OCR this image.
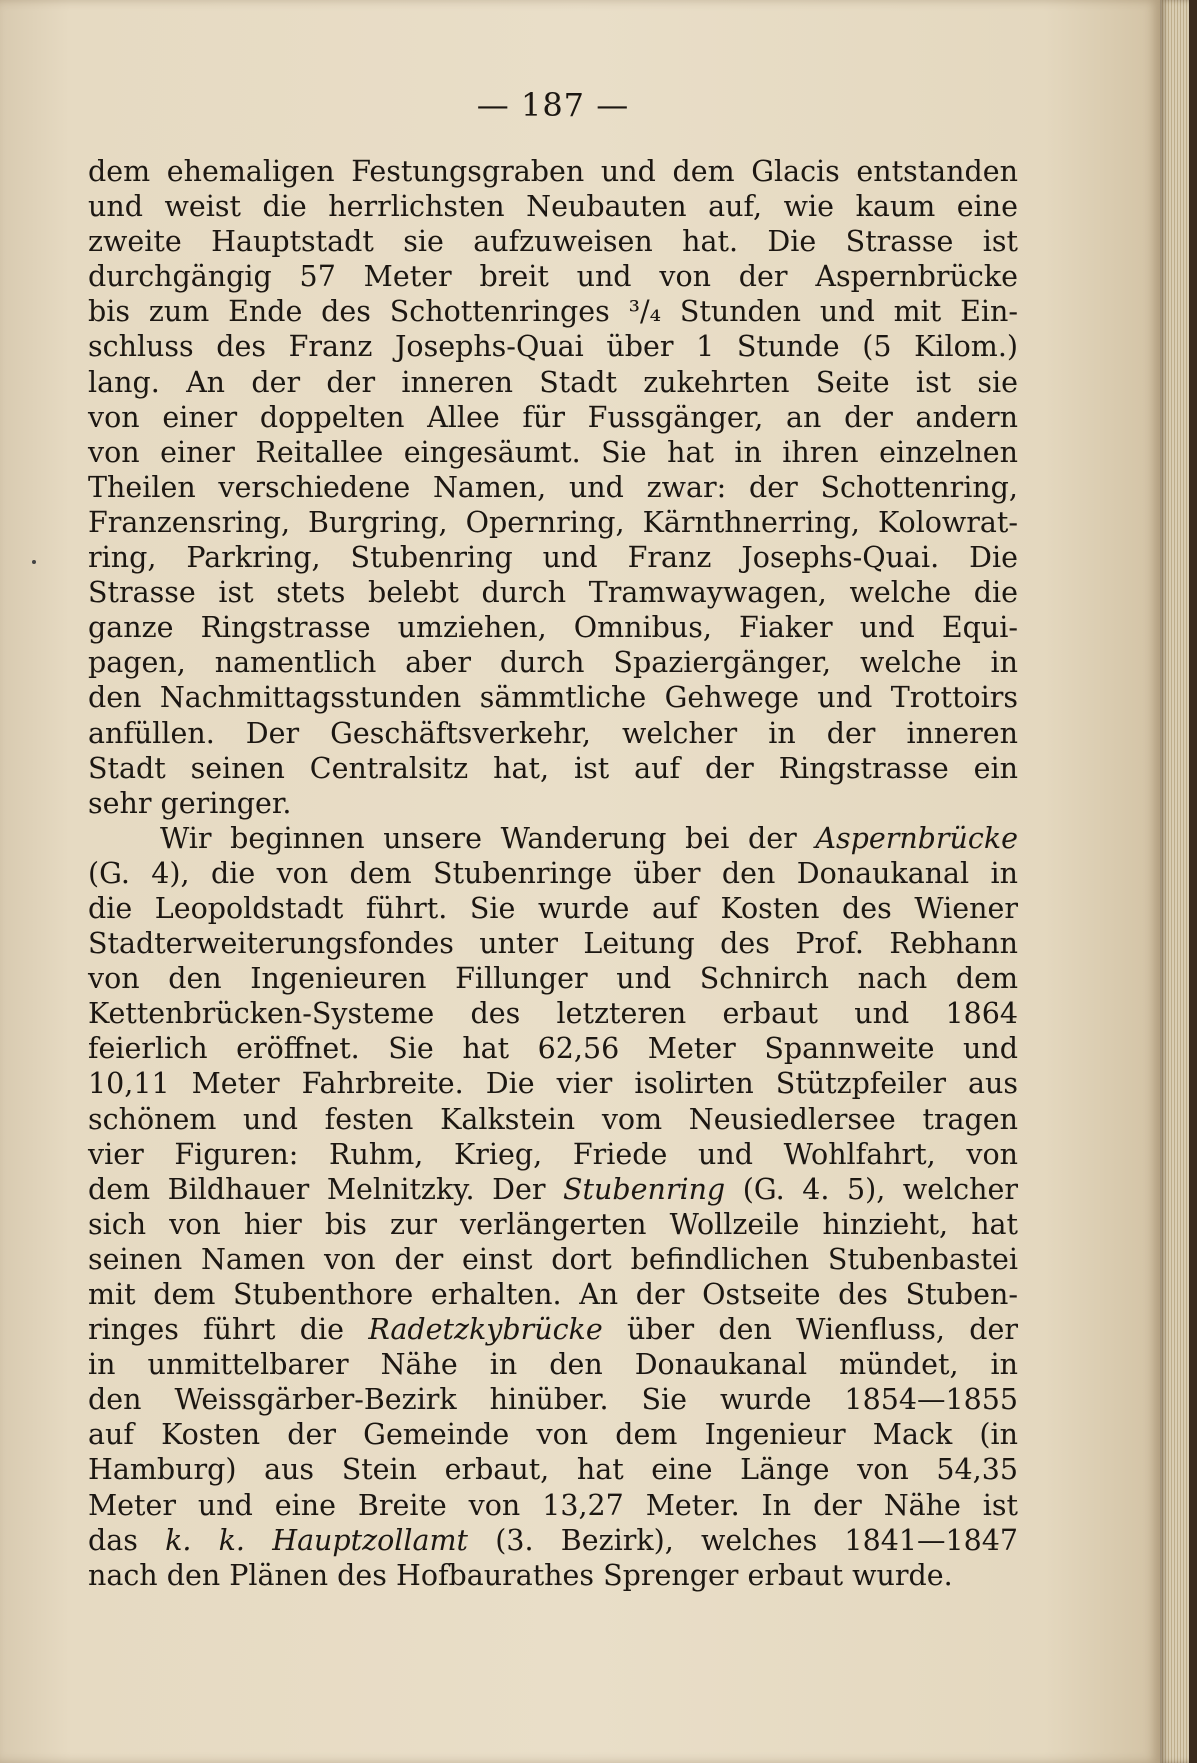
— 187 —
dem ehemaligen Festungsgraben und dem Glacis entstanden
und weist die herrlichsten Neubauten auf, wie kaum eine
zweite Hauptstadt sie aufzuweisen hat. Die Strasse ist
durchgängig 57 Meter breit und von der Aspernbrücke
bis zum Ende des Schottenringes ³/₄ Stunden und mit Ein-
schluss des Franz Josephs-Quai über 1 Stunde (5 Kilom.)
lang. An der der inneren Stadt zukehrten Seite ist sie
von einer doppelten Allee für Fussgänger, an der andern
von einer Reitallee eingesäumt. Sie hat in ihren einzelnen
Theilen verschiedene Namen, und zwar: der Schottenring,
Franzensring, Burgring, Opernring, Kärnthnerring, Kolowrat-
ring, Parkring, Stubenring und Franz Josephs-Quai. Die
Strasse ist stets belebt durch Tramwaywagen, welche die
ganze Ringstrasse umziehen, Omnibus, Fiaker und Equi-
pagen, namentlich aber durch Spaziergänger, welche in
den Nachmittagsstunden sämmtliche Gehwege und Trottoirs
anfüllen. Der Geschäftsverkehr, welcher in der inneren
Stadt seinen Centralsitz hat, ist auf der Ringstrasse ein
sehr geringer.
Wir beginnen unsere Wanderung bei der Aspernbrücke
(G. 4), die von dem Stubenringe über den Donaukanal in
die Leopoldstadt führt. Sie wurde auf Kosten des Wiener
Stadterweiterungsfondes unter Leitung des Prof. Rebhann
von den Ingenieuren Fillunger und Schnirch nach dem
Kettenbrücken-Systeme des letzteren erbaut und 1864
feierlich eröffnet. Sie hat 62,56 Meter Spannweite und
10,11 Meter Fahrbreite. Die vier isolirten Stützpfeiler aus
schönem und festen Kalkstein vom Neusiedlersee tragen
vier Figuren: Ruhm, Krieg, Friede und Wohlfahrt, von
dem Bildhauer Melnitzky. Der Stubenring (G. 4. 5), welcher
sich von hier bis zur verlängerten Wollzeile hinzieht, hat
seinen Namen von der einst dort befindlichen Stubenbastei
mit dem Stubenthore erhalten. An der Ostseite des Stuben-
ringes führt die Radetzkybrücke über den Wienfluss, der
in unmittelbarer Nähe in den Donaukanal mündet, in
den Weissgärber-Bezirk hinüber. Sie wurde 1854—1855
auf Kosten der Gemeinde von dem Ingenieur Mack (in
Hamburg) aus Stein erbaut, hat eine Länge von 54,35
Meter und eine Breite von 13,27 Meter. In der Nähe ist
das k. k. Hauptzollamt (3. Bezirk), welches 1841—1847
nach den Plänen des Hofbaurathes Sprenger erbaut wurde.
